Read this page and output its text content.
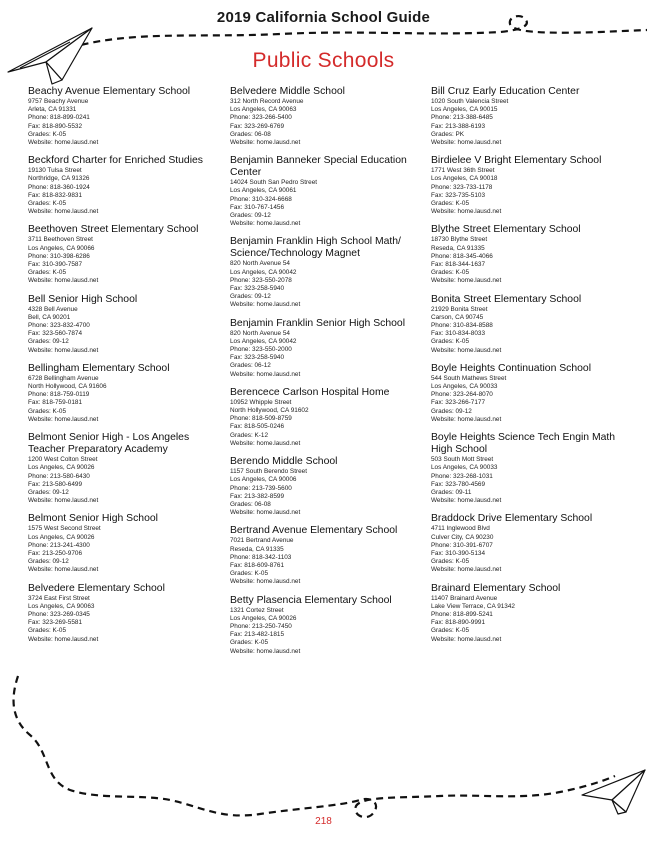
2019 California School Guide
Public Schools
Beachy Avenue Elementary School
9757 Beachy Avenue
Arleta, CA 91331
Phone: 818-899-0241
Fax: 818-890-5532
Grades: K-05
Website: home.lausd.net
Beckford Charter for Enriched Studies
19130 Tulsa Street
Northridge, CA 91326
Phone: 818-360-1924
Fax: 818-832-9831
Grades: K-05
Website: home.lausd.net
Beethoven Street Elementary School
3711 Beethoven Street
Los Angeles, CA 90066
Phone: 310-398-6286
Fax: 310-390-7587
Grades: K-05
Website: home.lausd.net
Bell Senior High School
4328 Bell Avenue
Bell, CA 90201
Phone: 323-832-4700
Fax: 323-560-7874
Grades: 09-12
Website: home.lausd.net
Bellingham Elementary School
6728 Bellingham Avenue
North Hollywood, CA 91606
Phone: 818-759-0119
Fax: 818-759-0181
Grades: K-05
Website: home.lausd.net
Belmont Senior High - Los Angeles Teacher Preparatory Academy
1200 West Colton Street
Los Angeles, CA 90026
Phone: 213-580-6430
Fax: 213-580-6499
Grades: 09-12
Website: home.lausd.net
Belmont Senior High School
1575 West Second Street
Los Angeles, CA 90026
Phone: 213-241-4300
Fax: 213-250-9706
Grades: 09-12
Website: home.lausd.net
Belvedere Elementary School
3724 East First Street
Los Angeles, CA 90063
Phone: 323-269-0345
Fax: 323-269-5581
Grades: K-05
Website: home.lausd.net
Belvedere Middle School
312 North Record Avenue
Los Angeles, CA 90063
Phone: 323-266-5400
Fax: 323-269-6769
Grades: 06-08
Website: home.lausd.net
Benjamin Banneker Special Education Center
14024 South San Pedro Street
Los Angeles, CA 90061
Phone: 310-324-6668
Fax: 310-767-1456
Grades: 09-12
Website: home.lausd.net
Benjamin Franklin High School Math/ Science/Technology Magnet
820 North Avenue 54
Los Angeles, CA 90042
Phone: 323-550-2078
Fax: 323-258-5940
Grades: 09-12
Website: home.lausd.net
Benjamin Franklin Senior High School
820 North Avenue 54
Los Angeles, CA 90042
Phone: 323-550-2000
Fax: 323-258-5940
Grades: 06-12
Website: home.lausd.net
Berencece Carlson Hospital Home
10952 Whipple Street
North Hollywood, CA 91602
Phone: 818-509-8759
Fax: 818-505-0246
Grades: K-12
Website: home.lausd.net
Berendo Middle School
1157 South Berendo Street
Los Angeles, CA 90006
Phone: 213-739-5600
Fax: 213-382-8599
Grades: 06-08
Website: home.lausd.net
Bertrand Avenue Elementary School
7021 Bertrand Avenue
Reseda, CA 91335
Phone: 818-342-1103
Fax: 818-609-8761
Grades: K-05
Website: home.lausd.net
Betty Plasencia Elementary School
1321 Cortez Street
Los Angeles, CA 90026
Phone: 213-250-7450
Fax: 213-482-1815
Grades: K-05
Website: home.lausd.net
Bill Cruz Early Education Center
1020 South Valencia Street
Los Angeles, CA 90015
Phone: 213-388-6485
Fax: 213-388-6193
Grades: PK
Website: home.lausd.net
Birdielee V Bright Elementary School
1771 West 36th Street
Los Angeles, CA 90018
Phone: 323-733-1178
Fax: 323-735-5103
Grades: K-05
Website: home.lausd.net
Blythe Street Elementary School
18730 Blythe Street
Reseda, CA 91335
Phone: 818-345-4066
Fax: 818-344-1637
Grades: K-05
Website: home.lausd.net
Bonita Street Elementary School
21929 Bonita Street
Carson, CA 90745
Phone: 310-834-8588
Fax: 310-834-8033
Grades: K-05
Website: home.lausd.net
Boyle Heights Continuation School
544 South Mathews Street
Los Angeles, CA 90033
Phone: 323-264-8070
Fax: 323-266-7177
Grades: 09-12
Website: home.lausd.net
Boyle Heights Science Tech Engin Math High School
503 South Mott Street
Los Angeles, CA 90033
Phone: 323-268-1031
Fax: 323-780-4569
Grades: 09-11
Website: home.lausd.net
Braddock Drive Elementary School
4711 Inglewood Blvd
Culver City, CA 90230
Phone: 310-391-6707
Fax: 310-390-5134
Grades: K-05
Website: home.lausd.net
Brainard Elementary School
11407 Brainard Avenue
Lake View Terrace, CA 91342
Phone: 818-899-5241
Fax: 818-890-9991
Grades: K-05
Website: home.lausd.net
218
